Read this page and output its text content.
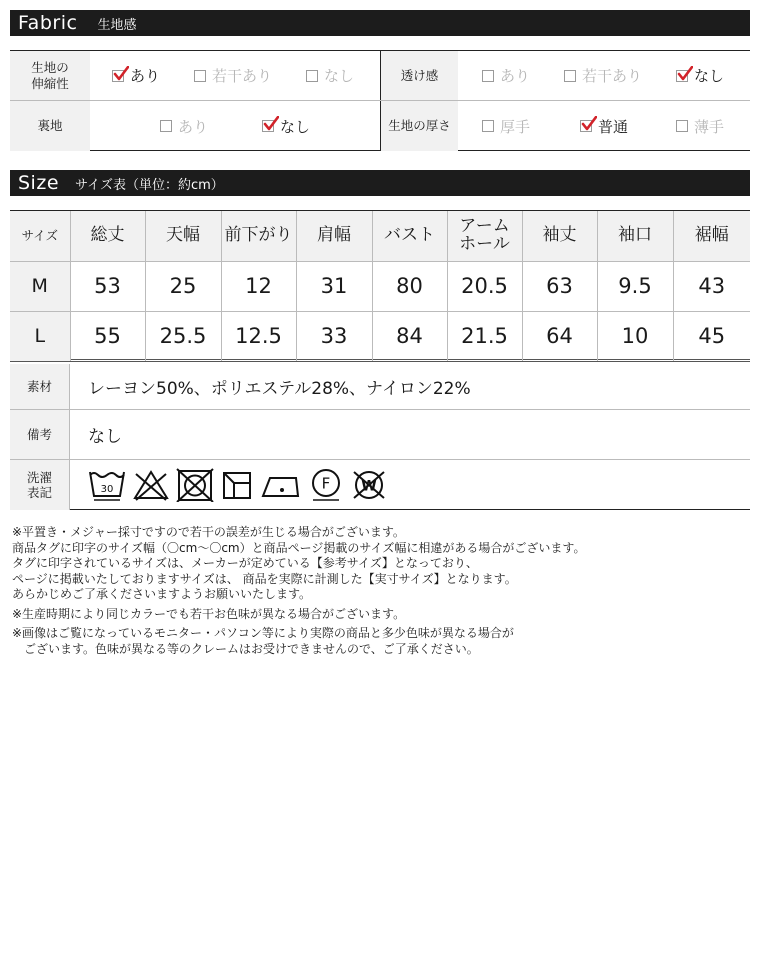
Fabric 生地感
生地の
伸縮性	あり	若干あり	なし	透け感	あり	若干あり	なし
裏地	あり	なし	生地の厚さ	厚手	普通	薄手
Size サイズ表（単位：約cm）
サイズ	総丈	天幅	前下がり	肩幅	バスト	アームホール	袖丈	袖口	裾幅
M	53	25	12	31	80	20.5	63	9.5	43
L	55	25.5	12.5	33	84	21.5	64	10	45
素材	レーヨン50%、ポリエステル28%、ナイロン22%
備考	なし
洗濯表記	30	F W

※平置き・メジャー採寸ですので若干の誤差が生じる場合がございます。

商品タグに印字のサイズ幅（〇cm〜〇cm）と商品ページ掲載のサイズ幅に相違がある場合がございます。

タグに印字されているサイズは、メーカーが定めている【参考サイズ】となっており、

ページに掲載いたしておりますサイズは、 商品を実際に計測した【実寸サイズ】となります。

あらかじめご了承くださいますようお願いいたします。

※生産時期により同じカラーでも若干お色味が異なる場合がございます。

※画像はご覧になっているモニター・パソコン等により実際の商品と多少色味が異なる場合が

　ございます。色味が異なる等のクレームはお受けできませんので、ご了承ください。
